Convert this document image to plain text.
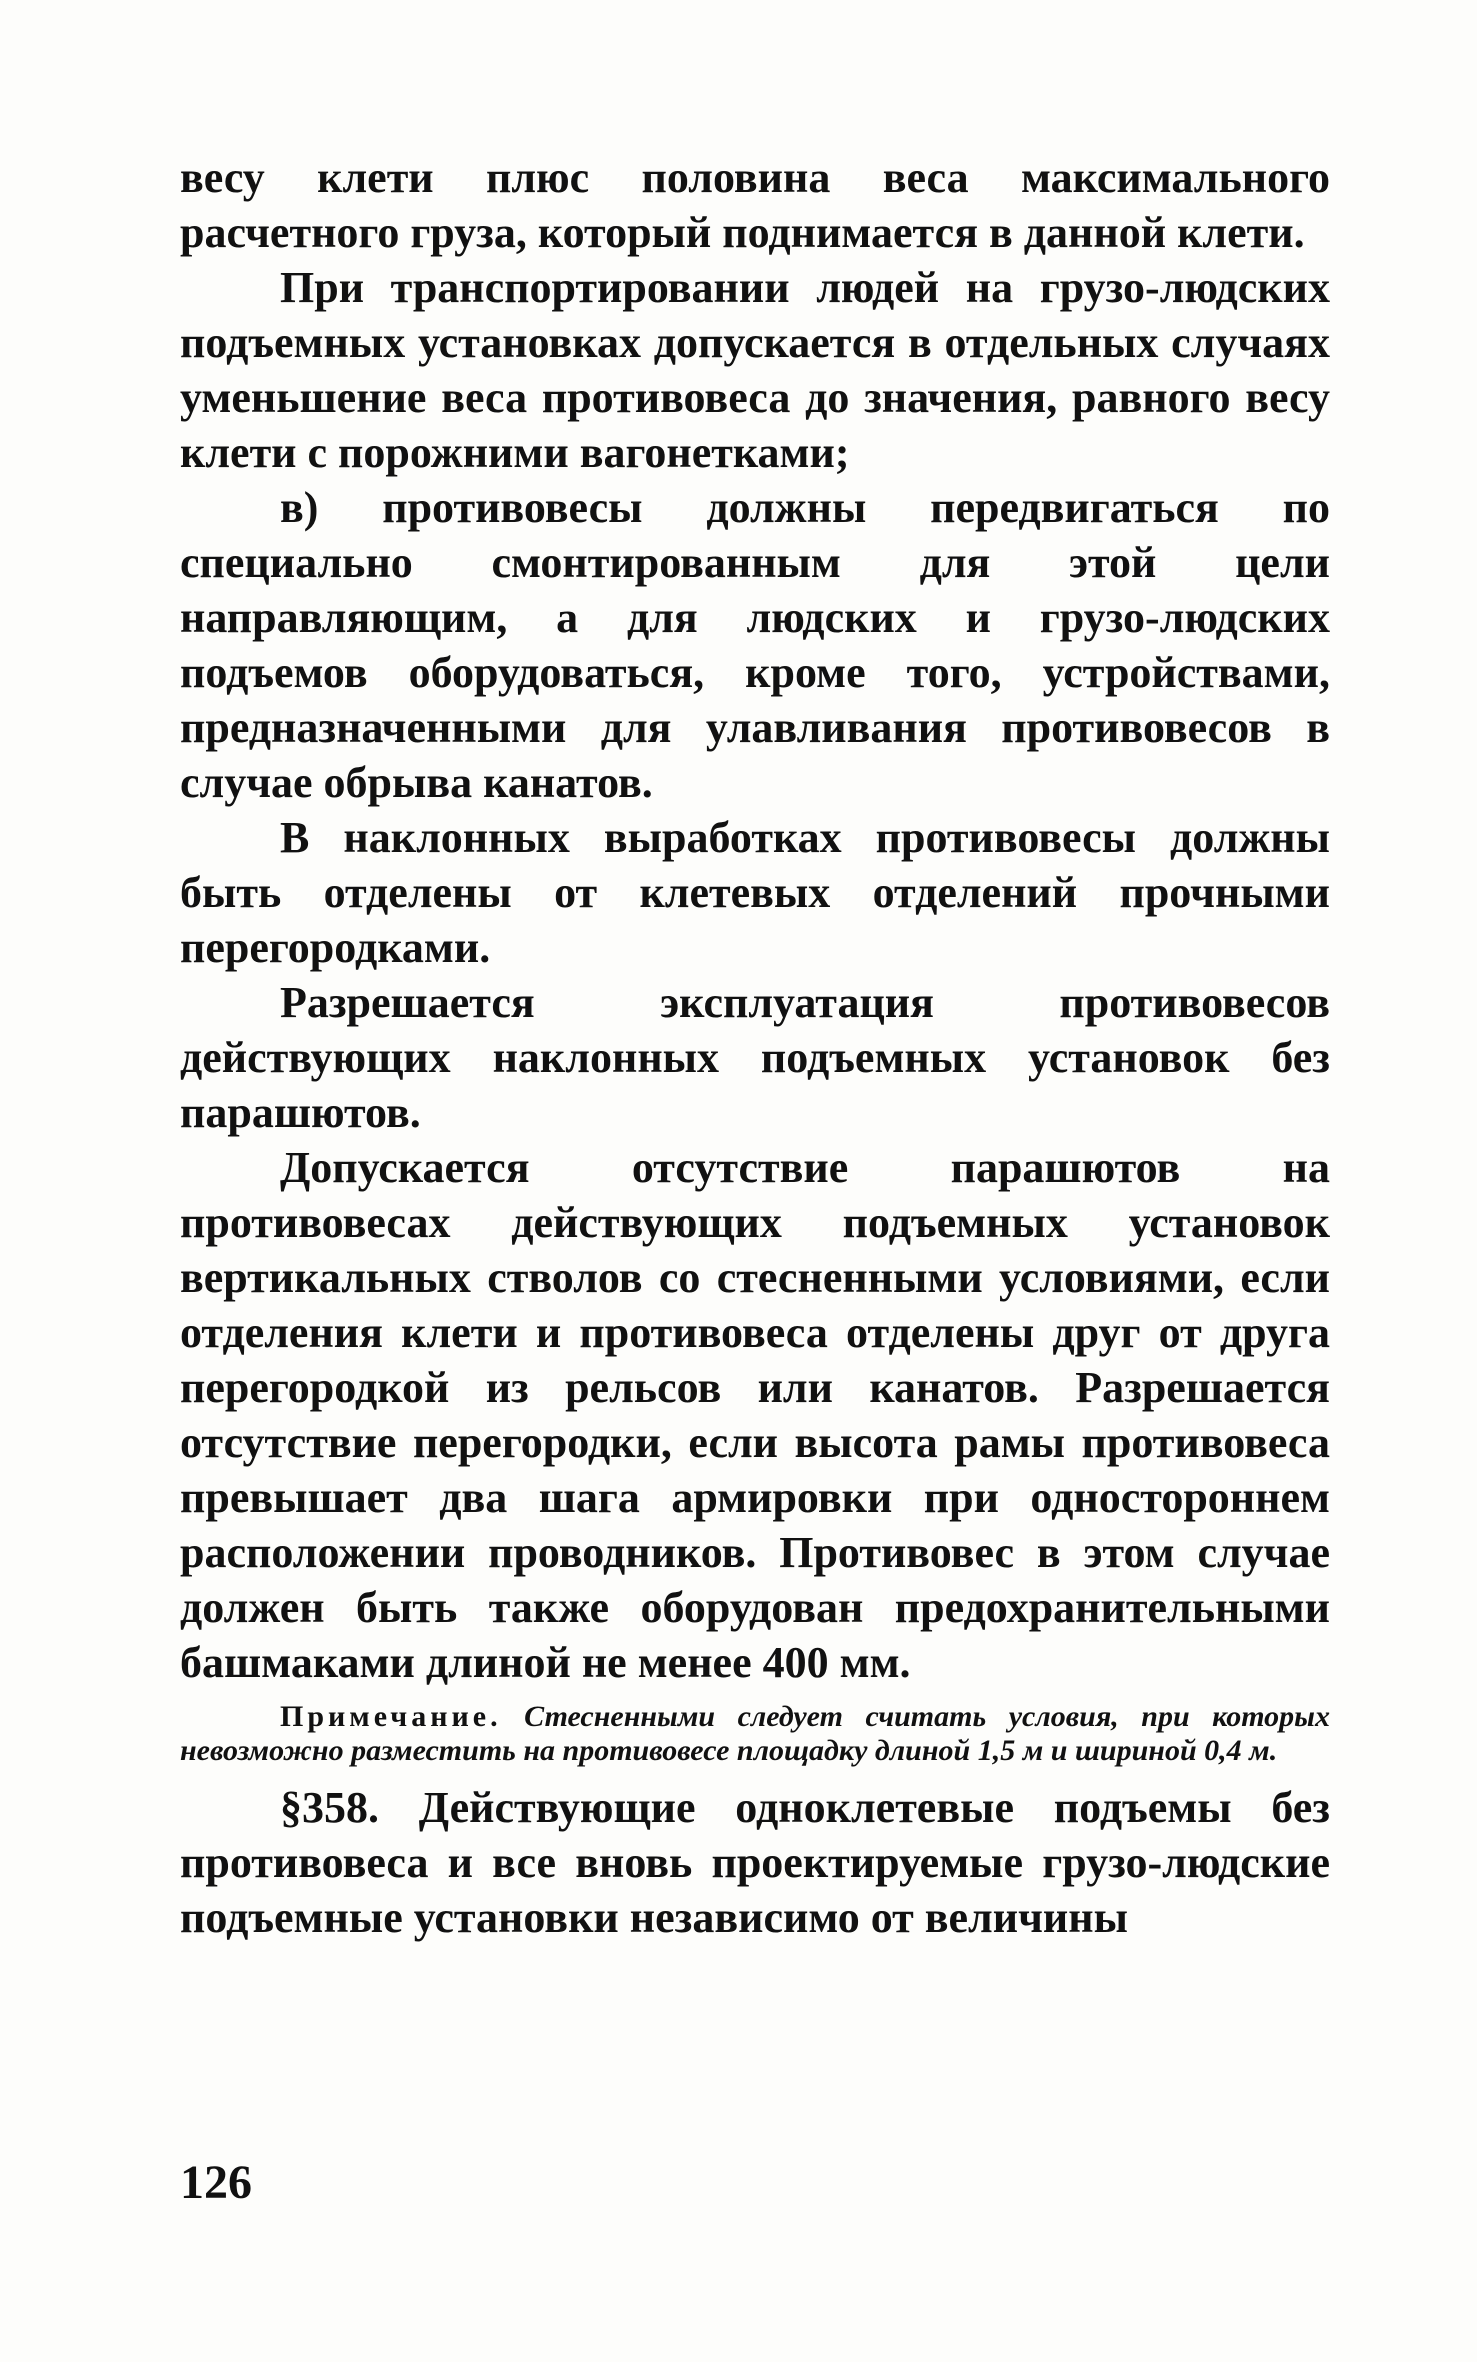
весу клети плюс половина веса максимального расчетного груза, который поднимается в данной клети.

При транспортировании людей на грузо-людских подъемных установках допускается в отдельных случаях уменьшение веса противовеса до значения, равного весу клети с порожними вагонетками;

в) противовесы должны передвигаться по специально смонтированным для этой цели направляющим, а для людских и грузо-людских подъемов оборудоваться, кроме того, устройствами, предназначенными для улавливания противовесов в случае обрыва канатов.

В наклонных выработках противовесы должны быть отделены от клетевых отделений прочными перегородками.

Разрешается эксплуатация противовесов действующих наклонных подъемных установок без парашютов.

Допускается отсутствие парашютов на противовесах действующих подъемных установок вертикальных стволов со стесненными условиями, если отделения клети и противовеса отделены друг от друга перегородкой из рельсов или канатов. Разрешается отсутствие перегородки, если высота рамы противовеса превышает два шага армировки при одностороннем расположении проводников. Противовес в этом случае должен быть также оборудован предохранительными башмаками длиной не менее 400 мм.

Примечание. Стесненными следует считать условия, при которых невозможно разместить на противовесе площадку длиной 1,5 м и шириной 0,4 м.

§358. Действующие одноклетевые подъемы без противовеса и все вновь проектируемые грузо-людские подъемные установки независимо от величины

126
